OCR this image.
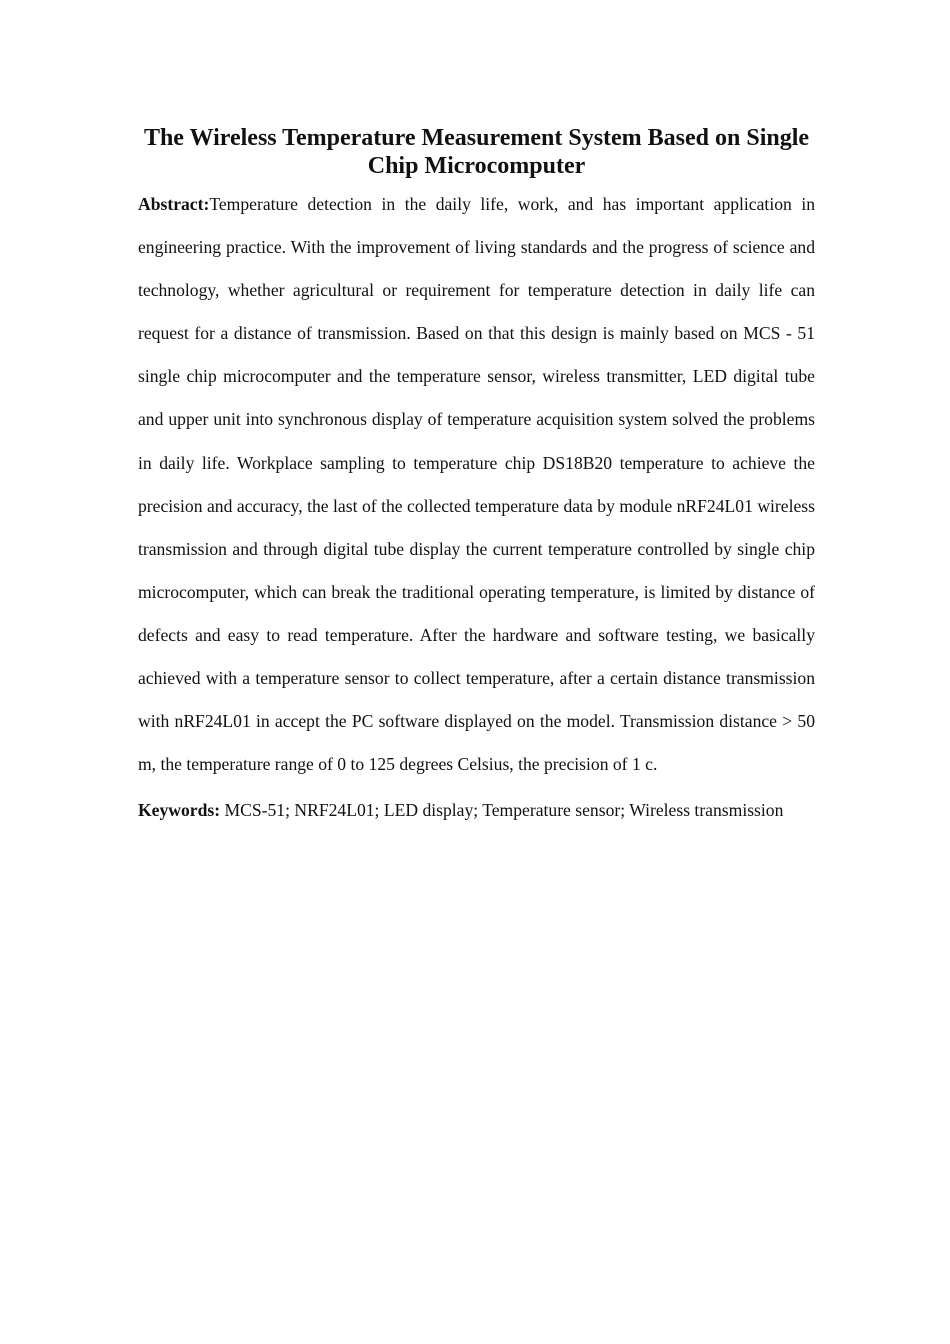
The Wireless Temperature Measurement System Based on Single Chip Microcomputer

Abstract:Temperature detection in the daily life, work, and has important application in engineering practice. With the improvement of living standards and the progress of science and technology, whether agricultural or requirement for temperature detection in daily life can request for a distance of transmission. Based on that this design is mainly based on MCS - 51 single chip microcomputer and the temperature sensor, wireless transmitter, LED digital tube and upper unit into synchronous display of temperature acquisition system solved the problems in daily life. Workplace sampling to temperature chip DS18B20 temperature to achieve the precision and accuracy, the last of the collected temperature data by module nRF24L01 wireless transmission and through digital tube display the current temperature controlled by single chip microcomputer, which can break the traditional operating temperature, is limited by distance of defects and easy to read temperature. After the hardware and software testing, we basically achieved with a temperature sensor to collect temperature, after a certain distance transmission with nRF24L01 in accept the PC software displayed on the model. Transmission distance > 50 m, the temperature range of 0 to 125 degrees Celsius, the precision of 1 c.

Keywords: MCS-51; NRF24L01; LED display; Temperature sensor; Wireless transmission
